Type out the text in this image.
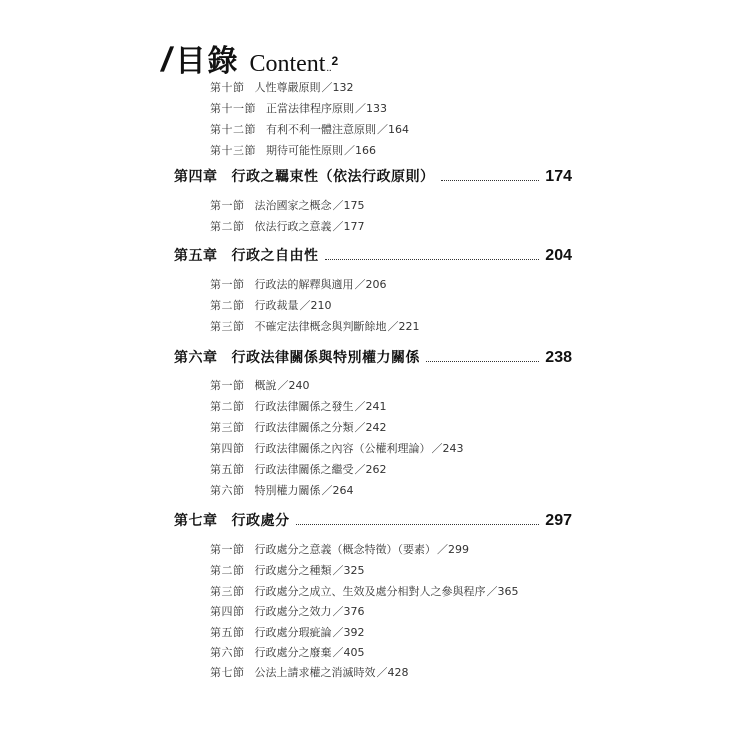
/ 目錄 Content ..
2
第十節 人性尊嚴原則／132
第十一節 正當法律程序原則／133
第十二節 有利不利一體注意原則／164
第十三節 期待可能性原則／166
第四章 行政之羈束性（依法行政原則）	174
第一節 法治國家之概念／175
第二節 依法行政之意義／177
第五章 行政之自由性	204
第一節 行政法的解釋與適用／206
第二節 行政裁量／210
第三節 不確定法律概念與判斷餘地／221
第六章 行政法律關係與特別權力關係	238
第一節 概說／240
第二節 行政法律關係之發生／241
第三節 行政法律關係之分類／242
第四節 行政法律關係之內容（公權利理論）／243
第五節 行政法律關係之繼受／262
第六節 特別權力關係／264
第七章 行政處分	297
第一節 行政處分之意義（概念特徵）（要素）／299
第二節 行政處分之種類／325
第三節 行政處分之成立、生效及處分相對人之參與程序／365
第四節 行政處分之效力／376
第五節 行政處分瑕疵論／392
第六節 行政處分之廢棄／405
第七節 公法上請求權之消滅時效／428
